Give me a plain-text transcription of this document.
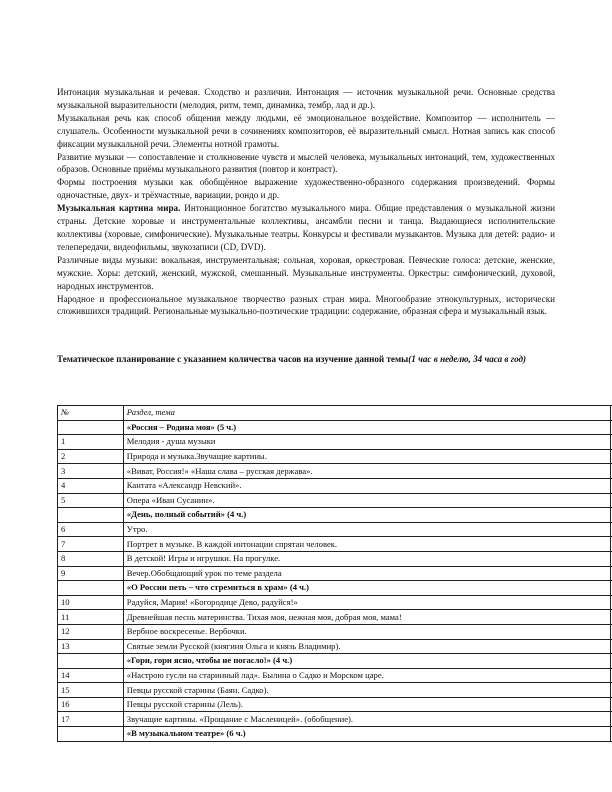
Интонация музыкальная и речевая. Сходство и различия. Интонация — источник музыкальной речи. Основные средства музыкальной выразительности (мелодия, ритм, темп, динамика, тембр, лад и др.).

Музыкальная речь как способ общения между людьми, её эмоциональное воздействие. Композитор — исполнитель — слушатель. Особенности музыкальной речи в сочинениях композиторов, её выразительный смысл. Нотная запись как способ фиксации музыкальной речи. Элементы нотной грамоты.

Развитие музыки — сопоставление и столкновение чувств и мыслей человека, музыкальных интонаций, тем, художественных образов. Основные приёмы музыкального развития (повтор и контраст).

Формы построения музыки как обобщённое выражение художественно-образного содержания произведений. Формы одночастные, двух- и трёхчастные, вариации, рондо и др.

Музыкальная картина мира. Интонационное богатство музыкального мира. Общие представления о музыкальной жизни страны. Детские хоровые и инструментальные коллективы, ансамбли песни и танца. Выдающиеся исполнительские коллективы (хоровые, симфонические). Музыкальные театры. Конкурсы и фестивали музыкантов. Музыка для детей: радио- и телепередачи, видеофильмы, звукозаписи (CD, DVD).

Различные виды музыки: вокальная, инструментальная; сольная, хоровая, оркестровая. Певческие голоса: детские, женские, мужские. Хоры: детский, женский, мужской, смешанный. Музыкальные инструменты. Оркестры: симфонический, духовой, народных инструментов.

Народное и профессиональное музыкальное творчество разных стран мира. Многообразие этнокультурных, исторически сложившихся традиций. Региональные музыкально-поэтические традиции: содержание, образная сфера и музыкальный язык.

Тематическое планирование с указанием количества часов на изучение данной темы(1 час в неделю, 34 часа в год)
№	Раздел, тема	
	«Россия – Родина моя» (5 ч.)	
1	Мелодия - душа музыки	
2	Природа и музыка.Звучащие картины.	
3	«Виват, Россия!» «Наша слава – русская держава».	
4	Кантата «Александр Невский».	
5	Опера «Иван Сусанин».	
	«День, полный событий» (4 ч.)	
6	Утро.	
7	Портрет в музыке. В каждой интонации спрятан человек.	
8	В детской! Игры и игрушки. На прогулке.	
9	Вечер.Обобщающий урок по теме раздела	
	«О России петь – что стремиться в храм» (4 ч.)	
10	Радуйся, Мария! «Богородице Дево, радуйся!»	
11	Древнейшая песнь материнства. Тихая моя, нежная моя, добрая моя, мама!	
12	Вербное воскресенье. Вербочки.	
13	Святые земли Русской (княгиня Ольга и князь Владимир).	
	«Гори, гори ясно, чтобы не погасло!» (4 ч.)	
14	«Настрою гусли на старинный лад». Былина о Садко и Морском царе.	
15	Певцы русской старины (Баян. Садко).	
16	Певцы русской старины (Лель).	
17	Звучащие картины. «Прощание с Масленицей». (обобщение).	
	«В музыкальном театре» (6 ч.)	
